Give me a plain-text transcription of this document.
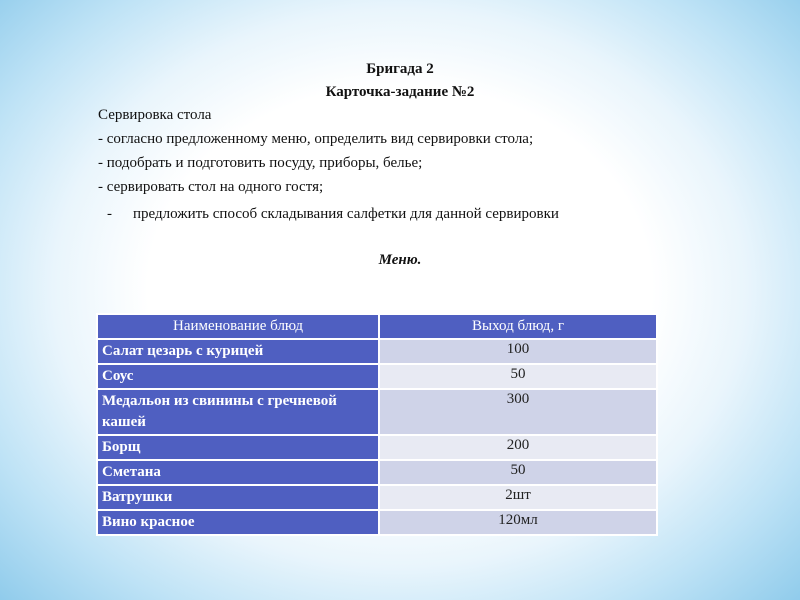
Бригада 2
Карточка-задание №2
Сервировка стола
- согласно предложенному меню, определить вид сервировки стола;
- подобрать и подготовить посуду, приборы, белье;
- сервировать стол на одного гостя;
- предложить способ складывания салфетки для данной сервировки
Меню.
Наименование блюд	Выход блюд, г
Салат цезарь с курицей	100
Соус	50
Медальон из свинины с гречневой кашей	300
Борщ	200
Сметана	50
Ватрушки	2шт
Вино красное	120мл
